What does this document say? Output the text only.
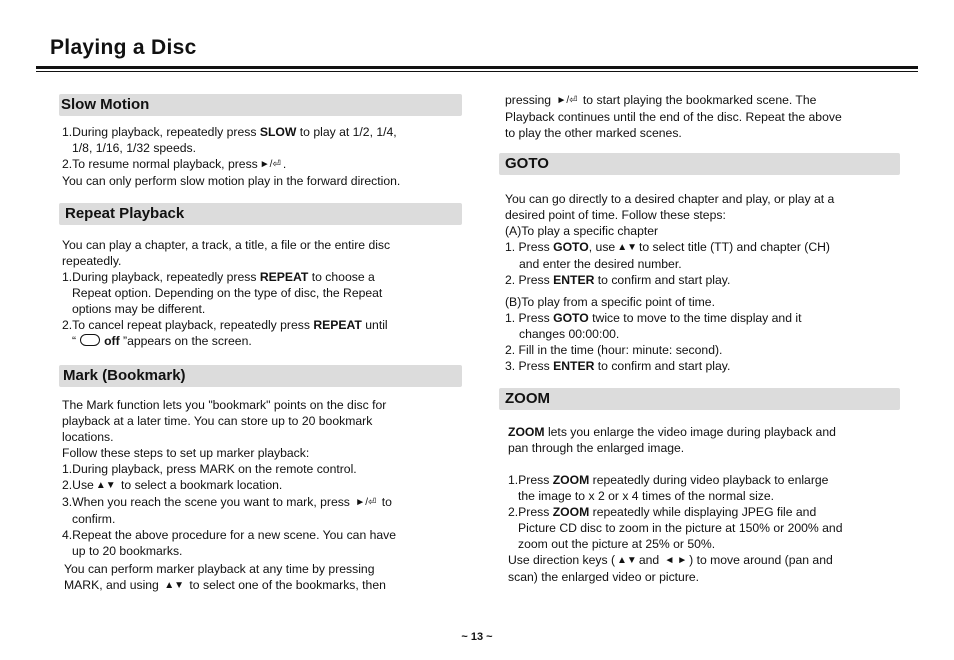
Playing a Disc
Slow Motion

1.During playback, repeatedly press SLOW to play at 1/2, 1/4,

1/8, 1/16, 1/32 speeds.

2.To resume normal playback, press ►/⏎ .

You can only perform slow motion play in the forward direction.

Repeat Playback

You can play a chapter, a track, a title, a file or the entire disc

repeatedly.

1.During playback, repeatedly press REPEAT to choose a

Repeat option. Depending on the type of disc, the Repeat

options may be different.

2.To cancel repeat playback, repeatedly press REPEAT until

“ off ”appears on the screen.

Mark (Bookmark)

The Mark function lets you "bookmark" points on the disc for

playback at a later time. You can store up to 20 bookmark

locations.

Follow these steps to set up marker playback:

1.During playback, press MARK on the remote control.

2.Use ▲▼ to select a bookmark location.

3.When you reach the scene you want to mark, press ►/⏎ to

confirm.

4.Repeat the above procedure for a new scene. You can have

up to 20 bookmarks.

You can perform marker playback at any time by pressing

MARK, and using ▲▼ to select one of the bookmarks, then

pressing ►/⏎ to start playing the bookmarked scene. The

Playback continues until the end of the disc. Repeat the above

to play the other marked scenes.

GOTO

You can go directly to a desired chapter and play, or play at a

desired point of time. Follow these steps:

(A)To play a specific chapter

1. Press GOTO, use ▲▼ to select title (TT) and chapter (CH)

and enter the desired number.

2. Press ENTER to confirm and start play.

(B)To play from a specific point of time.

1. Press GOTO twice to move to the time display and it

changes 00:00:00.

2. Fill in the time (hour: minute: second).

3. Press ENTER to confirm and start play.

ZOOM

ZOOM lets you enlarge the video image during playback and

pan through the enlarged image.

1.Press ZOOM repeatedly during video playback to enlarge

the image to x 2 or x 4 times of the normal size.

2.Press ZOOM repeatedly while displaying JPEG file and

Picture CD disc to zoom in the picture at 150% or 200% and

zoom out the picture at 25% or 50%.

Use direction keys ( ▲▼ and ◄ ► ) to move around (pan and

scan) the enlarged video or picture.

~ 13 ~
